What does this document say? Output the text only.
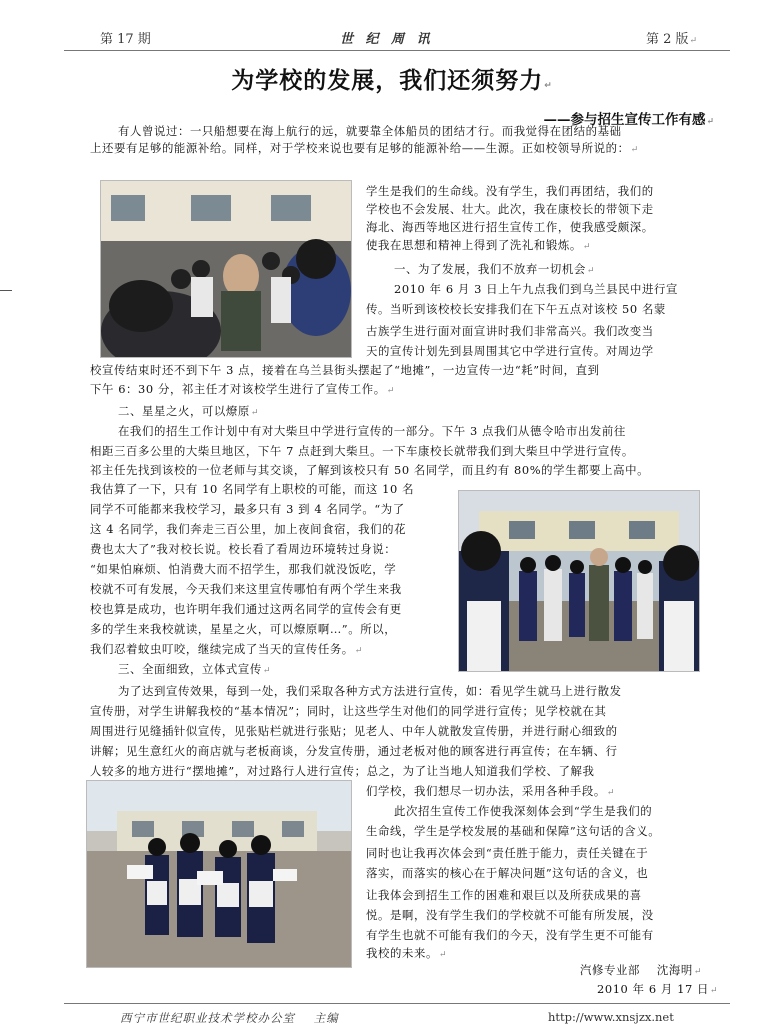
第 17 期	世 纪 周 讯	第 2 版↵
为学校的发展，我们还须努力↵
——参与招生宣传工作有感↵
有人曾说过：一只船想要在海上航行的远，就要靠全体船员的团结才行。而我觉得在团结的基础
上还要有足够的能源补给。同样，对于学校来说也要有足够的能源补给——生源。正如校领导所说的：↵
学生是我们的生命线。没有学生，我们再团结，我们的
学校也不会发展、壮大。此次，我在康校长的带领下走
海北、海西等地区进行招生宣传工作，使我感受颇深。
使我在思想和精神上得到了洗礼和锻炼。↵
一、为了发展，我们不放弃一切机会↵
2010 年 6 月 3 日上午九点我们到乌兰县民中进行宣
传。当听到该校校长安排我们在下午五点对该校 50 名蒙
古族学生进行面对面宣讲时我们非常高兴。我们改变当
天的宣传计划先到县周围其它中学进行宣传。对周边学
校宣传结束时还不到下午 3 点，接着在乌兰县街头摆起了“地摊”，一边宣传一边“耗”时间，直到
下午 6：30 分，祁主任才对该校学生进行了宣传工作。↵
二、星星之火，可以燎原↵
在我们的招生工作计划中有对大柴旦中学进行宣传的一部分。下午 3 点我们从德令哈市出发前往
相距三百多公里的大柴旦地区，下午 7 点赶到大柴旦。一下车康校长就带我们到大柴旦中学进行宣传。
祁主任先找到该校的一位老师与其交谈，了解到该校只有 50 名同学，而且约有 80%的学生都要上高中。
我估算了一下，只有 10 名同学有上职校的可能，而这 10 名
同学不可能都来我校学习，最多只有 3 到 4 名同学。“为了
这 4 名同学，我们奔走三百公里，加上夜间食宿，我们的花
费也太大了”我对校长说。校长看了看周边环境转过身说：
“如果怕麻烦、怕消费大而不招学生，那我们就没饭吃，学
校就不可有发展，今天我们来这里宣传哪怕有两个学生来我
校也算是成功，也许明年我们通过这两名同学的宣传会有更
多的学生来我校就读，星星之火，可以燎原啊…”。所以，
我们忍着蚊虫叮咬，继续完成了当天的宣传任务。↵
三、全面细致，立体式宣传↵
为了达到宣传效果，每到一处，我们采取各种方式方法进行宣传，如：看见学生就马上进行散发
宣传册，对学生讲解我校的“基本情况”；同时，让这些学生对他们的同学进行宣传；见学校就在其
周围进行见缝插针似宣传，见张贴栏就进行张贴；见老人、中年人就散发宣传册，并进行耐心细致的
讲解；见生意红火的商店就与老板商谈，分发宣传册，通过老板对他的顾客进行再宣传；在车辆、行
人较多的地方进行“摆地摊”，对过路行人进行宣传；总之，为了让当地人知道我们学校、了解我
们学校，我们想尽一切办法，采用各种手段。↵
此次招生宣传工作使我深刻体会到“学生是我们的
生命线，学生是学校发展的基础和保障”这句话的含义。
同时也让我再次体会到“责任胜于能力，责任关键在于
落实，而落实的核心在于解决问题”这句话的含义，也
让我体会到招生工作的困难和艰巨以及所获成果的喜
悦。是啊，没有学生我们的学校就不可能有所发展，没
有学生也就不可能有我们的今天，没有学生更不可能有
我校的未来。↵
汽修专业部    沈海明↵
2010 年 6 月 17 日↵
西宁市世纪职业技术学校办公室    主编	http://www.xnsjzx.net
